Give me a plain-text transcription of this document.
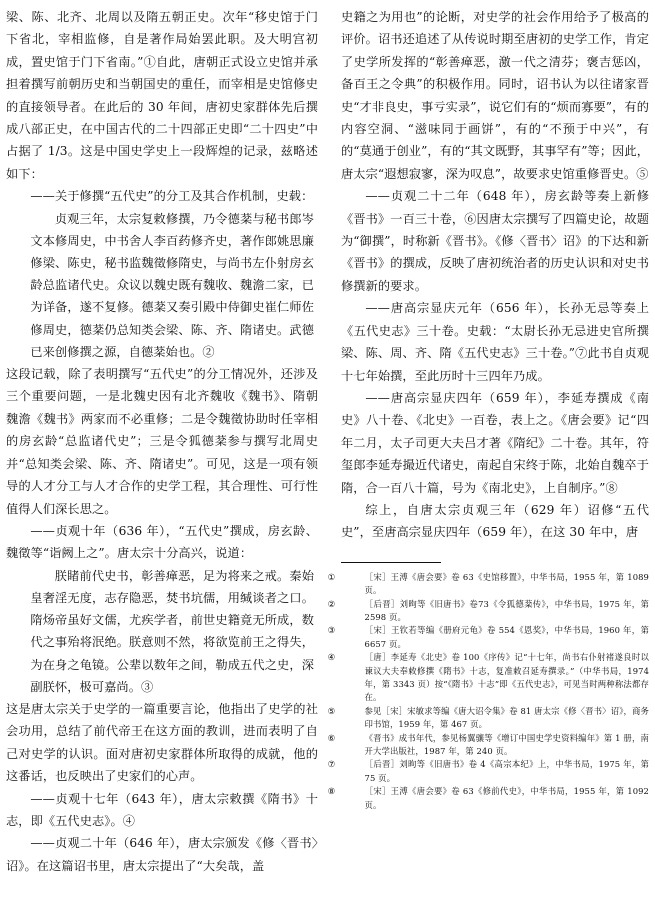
梁、陈、北齐、北周以及隋五朝正史。次年“移史馆于门下省北，宰相监修，自是著作局始罢此职。及大明宫初成，置史馆于门下省南。”①自此，唐朝正式设立史馆并承担着撰写前朝历史和当朝国史的重任，而宰相是史馆修史的直接领导者。在此后的 30 年间，唐初史家群体先后撰成八部正史，在中国古代的二十四部正史即“二十四史”中占据了 1/3。这是中国史学史上一段辉煌的记录，兹略述如下：

——关于修撰“五代史”的分工及其合作机制，史载：

贞观三年，太宗复敕修撰，乃令德棻与秘书郎岑文本修周史，中书舍人李百药修齐史，著作郎姚思廉修梁、陈史，秘书监魏徵修隋史，与尚书左仆射房玄龄总监诸代史。众议以魏史既有魏收、魏澹二家，已为详备，遂不复修。德棻又奏引殿中侍御史崔仁师佐修周史，德棻仍总知类会梁、陈、齐、隋诸史。武德已来创修撰之源，自德棻始也。②

这段记载，除了表明撰写“五代史”的分工情况外，还涉及三个重要问题，一是北魏史因有北齐魏收《魏书》、隋朝魏澹《魏书》两家而不必重修；二是令魏徵协助时任宰相的房玄龄“总监诸代史”；三是令狐德棻参与撰写北周史并“总知类会梁、陈、齐、隋诸史”。可见，这是一项有领导的人才分工与人才合作的史学工程，其合理性、可行性值得人们深长思之。

——贞观十年（636 年），“五代史”撰成，房玄龄、魏徵等“诣阙上之”。唐太宗十分高兴，说道：

朕睹前代史书，彰善瘅恶，足为将来之戒。秦始皇奢淫无度，志存隐恶，焚书坑儒，用缄谈者之口。隋炀帝虽好文儒，尤疾学者，前世史籍竟无所成，数代之事殆将泯绝。朕意则不然，将欲览前王之得失，为在身之龟镜。公辈以数年之间，勒成五代之史，深副朕怀，极可嘉尚。③

这是唐太宗关于史学的一篇重要言论，他指出了史学的社会功用，总结了前代帝王在这方面的教训，进而表明了自己对史学的认识。面对唐初史家群体所取得的成就，他的这番话，也反映出了史家们的心声。

——贞观十七年（643 年），唐太宗敕撰《隋书》十志，即《五代史志》。④

——贞观二十年（646 年），唐太宗颁发《修〈晋书〉诏》。在这篇诏书里，唐太宗提出了“大矣哉，盖

史籍之为用也”的论断，对史学的社会作用给予了极高的评价。诏书还追述了从传说时期至唐初的史学工作，肯定了史学所发挥的“彰善瘅恶，激一代之清芬；褒吉惩凶，备百王之令典”的积极作用。同时，诏书认为以往诸家晋史“才非良史，事亏实录”，说它们有的“烦而寡要”，有的内容空洞、“滋味同于画饼”，有的“不预于中兴”，有的“莫通于创业”，有的“其文既野，其事罕有”等；因此，唐太宗“遐想寂寥，深为叹息”，故要求史馆重修晋史。⑤

——贞观二十二年（648 年），房玄龄等奏上新修《晋书》一百三十卷，⑥因唐太宗撰写了四篇史论，故题为“御撰”，时称新《晋书》。《修〈晋书〉诏》的下达和新《晋书》的撰成，反映了唐初统治者的历史认识和对史书修撰新的要求。

——唐高宗显庆元年（656 年），长孙无忌等奏上《五代史志》三十卷。史载：“太尉长孙无忌进史官所撰梁、陈、周、齐、隋《五代史志》三十卷。”⑦此书自贞观十七年始撰，至此历时十三四年乃成。

——唐高宗显庆四年（659 年），李延寿撰成《南史》八十卷、《北史》一百卷，表上之。《唐会要》记“四年二月，太子司更大夫吕才著《隋纪》二十卷。其年，符玺郎李延寿撮近代诸史，南起自宋终于陈，北始自魏卒于隋，合一百八十篇，号为《南北史》，上自制序。”⑧

综上，自唐太宗贞观三年（629 年）诏修“五代史”，至唐高宗显庆四年（659 年），在这 30 年中，唐

①	［宋］王溥《唐会要》卷 63《史馆移置》，中华书局，1955 年，第 1089 页。

②	［后晋］刘昫等《旧唐书》卷73《令狐德棻传》，中华书局，1975 年，第2598 页。

③	［宋］王钦若等编《册府元龟》卷 554《恩奖》，中华书局，1960 年，第 6657 页。

④	［唐］李延寿《北史》卷 100《序传》记“十七年，尚书右仆射褚遂良时以谏议大夫奉敕修撰《隋书》十志，复准敕召延寿撰录。”（中华书局，1974 年，第 3343 页）按“《隋书》十志”即《五代史志》，可见当时两种称法都存在。

⑤	参见［宋］宋敏求等编《唐大诏令集》卷 81 唐太宗《修〈晋书〉诏》，商务印书馆，1959 年，第 467 页。

⑥	《晋书》成书年代，参见杨翼骧等《增订中国史学史资料编年》第 1 册，南开大学出版社，1987 年，第 240 页。

⑦	［后晋］刘昫等《旧唐书》卷 4《高宗本纪》上，中华书局，1975 年，第 75 页。

⑧	［宋］王溥《唐会要》卷 63《修前代史》，中华书局，1955 年，第 1092 页。
